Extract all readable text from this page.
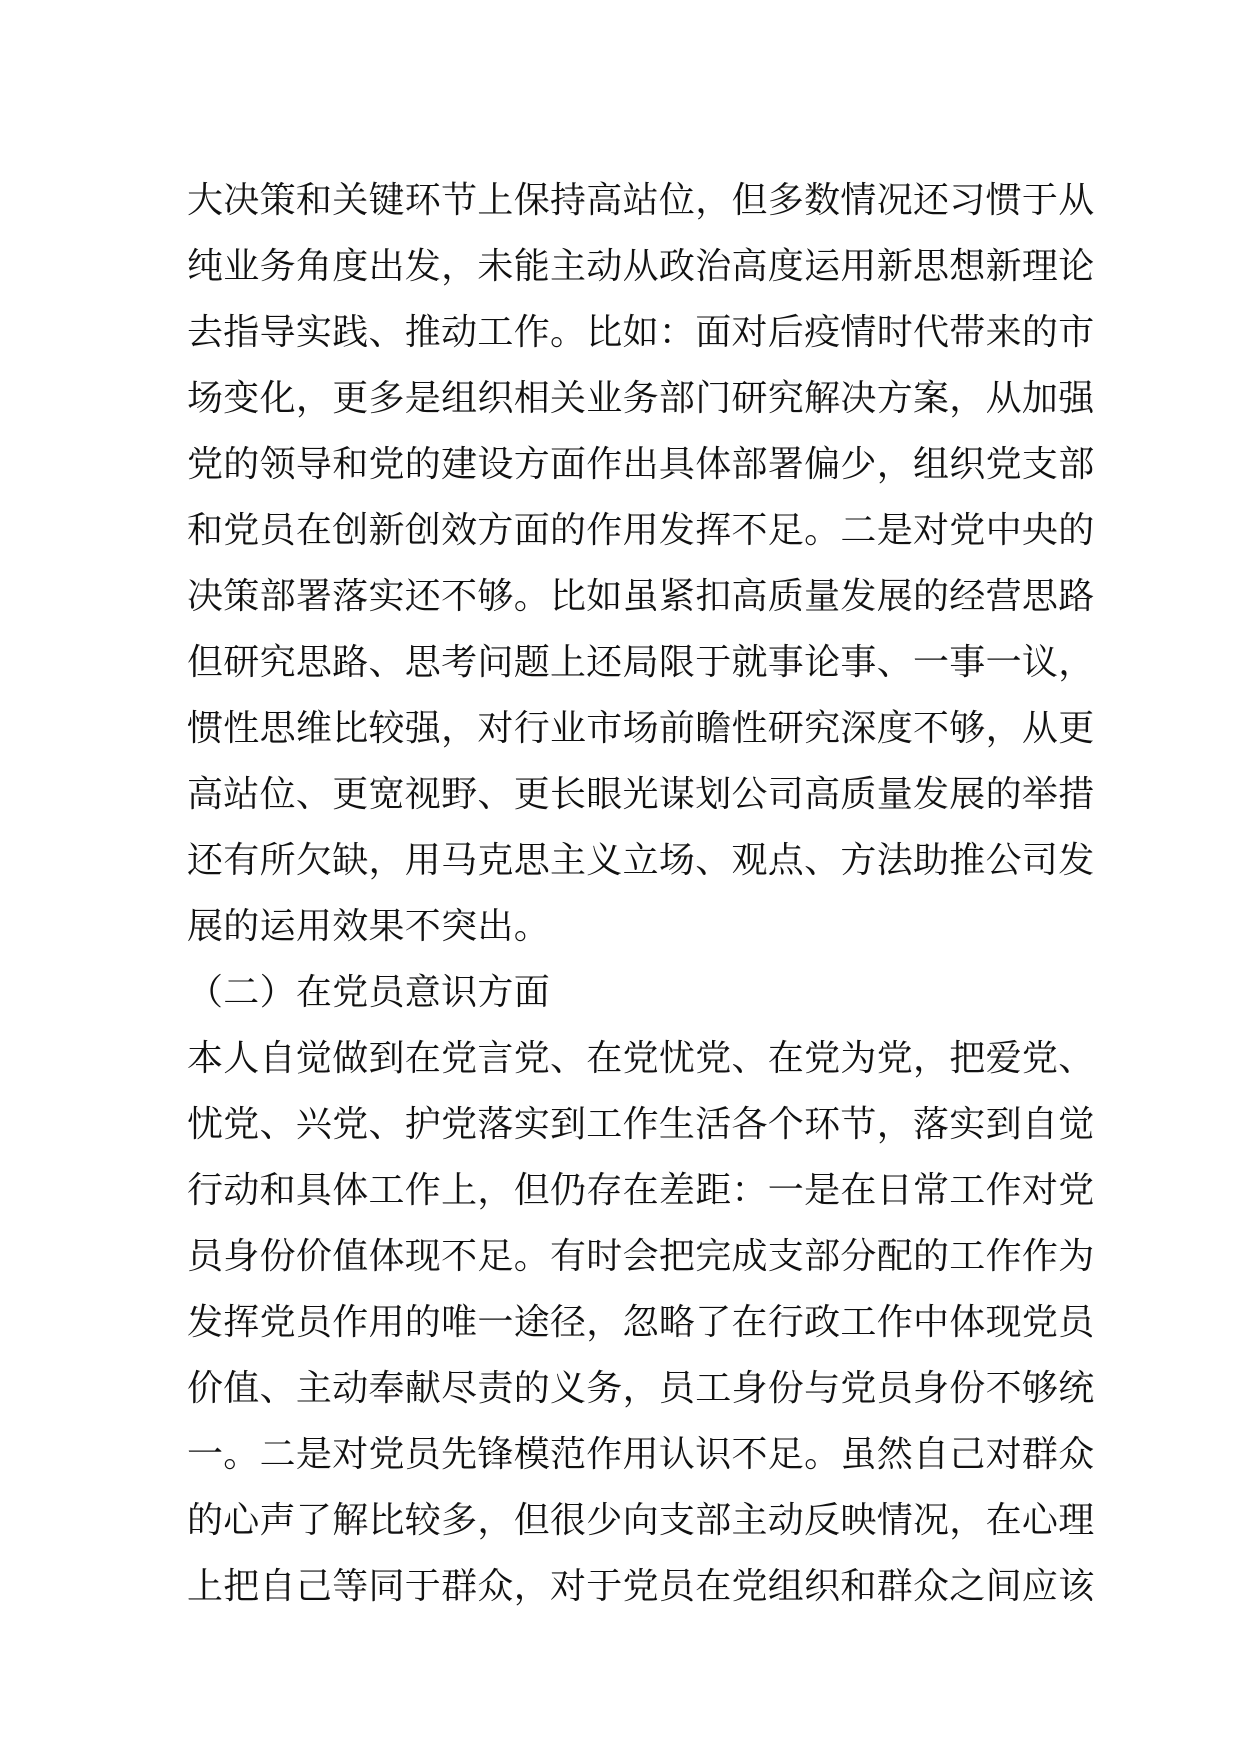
大决策和关键环节上保持高站位，但多数情况还习惯于从
纯业务角度出发，未能主动从政治高度运用新思想新理论
去指导实践、推动工作。比如：面对后疫情时代带来的市
场变化，更多是组织相关业务部门研究解决方案，从加强
党的领导和党的建设方面作出具体部署偏少，组织党支部
和党员在创新创效方面的作用发挥不足。二是对党中央的
决策部署落实还不够。比如虽紧扣高质量发展的经营思路
但研究思路、思考问题上还局限于就事论事、一事一议，
惯性思维比较强，对行业市场前瞻性研究深度不够，从更
高站位、更宽视野、更长眼光谋划公司高质量发展的举措
还有所欠缺，用马克思主义立场、观点、方法助推公司发
展的运用效果不突出。
（二）在党员意识方面
本人自觉做到在党言党、在党忧党、在党为党，把爱党、
忧党、兴党、护党落实到工作生活各个环节，落实到自觉
行动和具体工作上，但仍存在差距：一是在日常工作对党
员身份价值体现不足。有时会把完成支部分配的工作作为
发挥党员作用的唯一途径，忽略了在行政工作中体现党员
价值、主动奉献尽责的义务，员工身份与党员身份不够统
一。二是对党员先锋模范作用认识不足。虽然自己对群众
的心声了解比较多，但很少向支部主动反映情况，在心理
上把自己等同于群众，对于党员在党组织和群众之间应该
